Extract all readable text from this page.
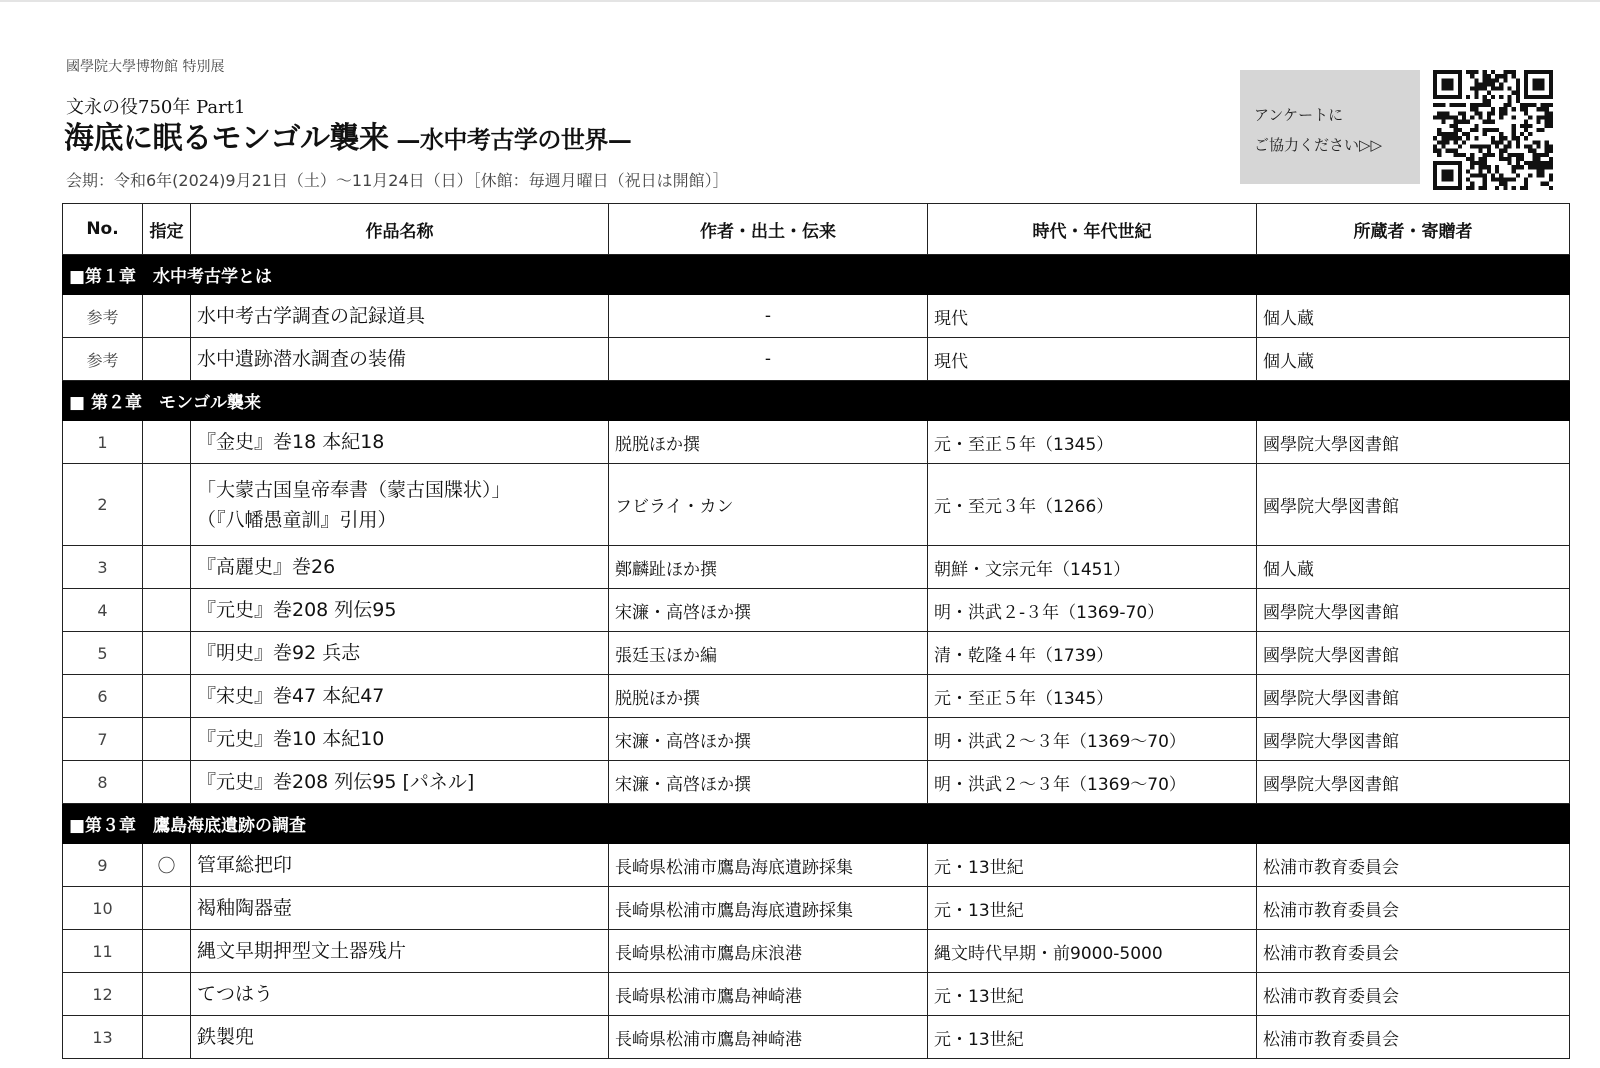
國學院大學博物館 特別展
文永の役750年 Part1
海底に眠るモンゴル襲来 —水中考古学の世界—
会期：令和6年(2024)9月21日（土）～11月24日（日）［休館：毎週月曜日（祝日は開館）］
アンケートに
ご協力ください▷▷
No.	指定	作品名称	作者・出土・伝来	時代・年代世紀	所蔵者・寄贈者
■第１章　水中考古学とは					
参考		水中考古学調査の記録道具	-	現代	個人蔵
参考		水中遺跡潜水調査の装備	-	現代	個人蔵
■ 第２章　モンゴル襲来					
1		『金史』巻18 本紀18	脱脱ほか撰	元・至正５年（1345）	國學院大學図書館
2		「大蒙古国皇帝奉書（蒙古国牒状）」
（『八幡愚童訓』引用）	フビライ・カン	元・至元３年（1266）	國學院大學図書館
3		『高麗史』巻26	鄭麟趾ほか撰	朝鮮・文宗元年（1451）	個人蔵
4		『元史』巻208 列伝95	宋濂・高啓ほか撰	明・洪武２-３年（1369-70）	國學院大學図書館
5		『明史』巻92 兵志	張廷玉ほか編	清・乾隆４年（1739）	國學院大學図書館
6		『宋史』巻47 本紀47	脱脱ほか撰	元・至正５年（1345）	國學院大學図書館
7		『元史』巻10 本紀10	宋濂・高啓ほか撰	明・洪武２～３年（1369～70）	國學院大學図書館
8		『元史』巻208 列伝95 [パネル]	宋濂・高啓ほか撰	明・洪武２～３年（1369～70）	國學院大學図書館
■第３章　鷹島海底遺跡の調査					
9	〇	管軍総把印	長崎県松浦市鷹島海底遺跡採集	元・13世紀	松浦市教育委員会
10		褐釉陶器壺	長崎県松浦市鷹島海底遺跡採集	元・13世紀	松浦市教育委員会
11		縄文早期押型文土器残片	長崎県松浦市鷹島床浪港	縄文時代早期・前9000-5000	松浦市教育委員会
12		てつはう	長崎県松浦市鷹島神崎港	元・13世紀	松浦市教育委員会
13		鉄製兜	長崎県松浦市鷹島神崎港	元・13世紀	松浦市教育委員会
